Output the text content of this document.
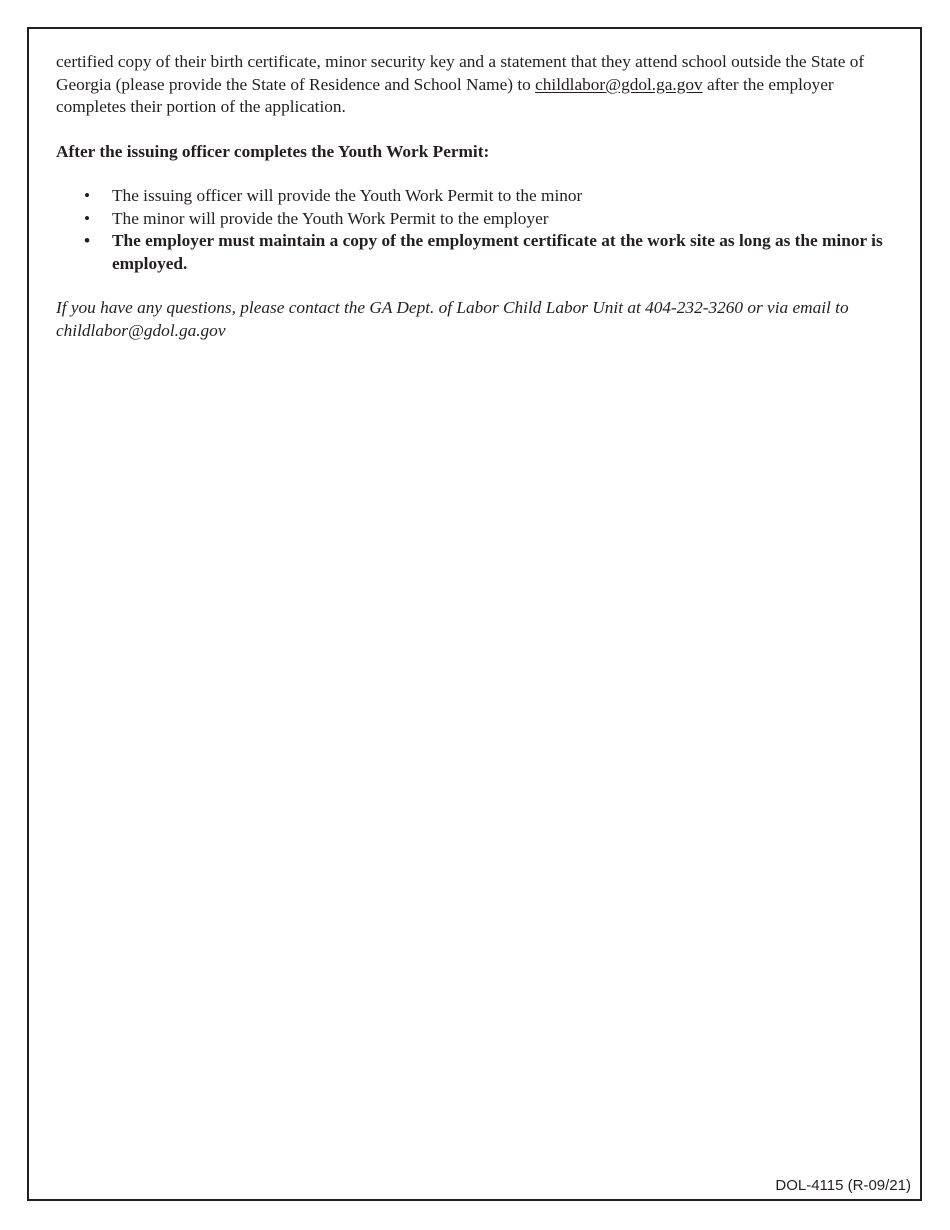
certified copy of their birth certificate, minor security key and a statement that they attend school outside the State of Georgia (please provide the State of Residence and School Name) to childlabor@gdol.ga.gov after the employer completes their portion of the application.

After the issuing officer completes the Youth Work Permit:

• The issuing officer will provide the Youth Work Permit to the minor
• The minor will provide the Youth Work Permit to the employer
• The employer must maintain a copy of the employment certificate at the work site as long as the minor is employed.

If you have any questions, please contact the GA Dept. of Labor Child Labor Unit at 404-232-3260 or via email to childlabor@gdol.ga.gov

DOL-4115 (R-09/21)
